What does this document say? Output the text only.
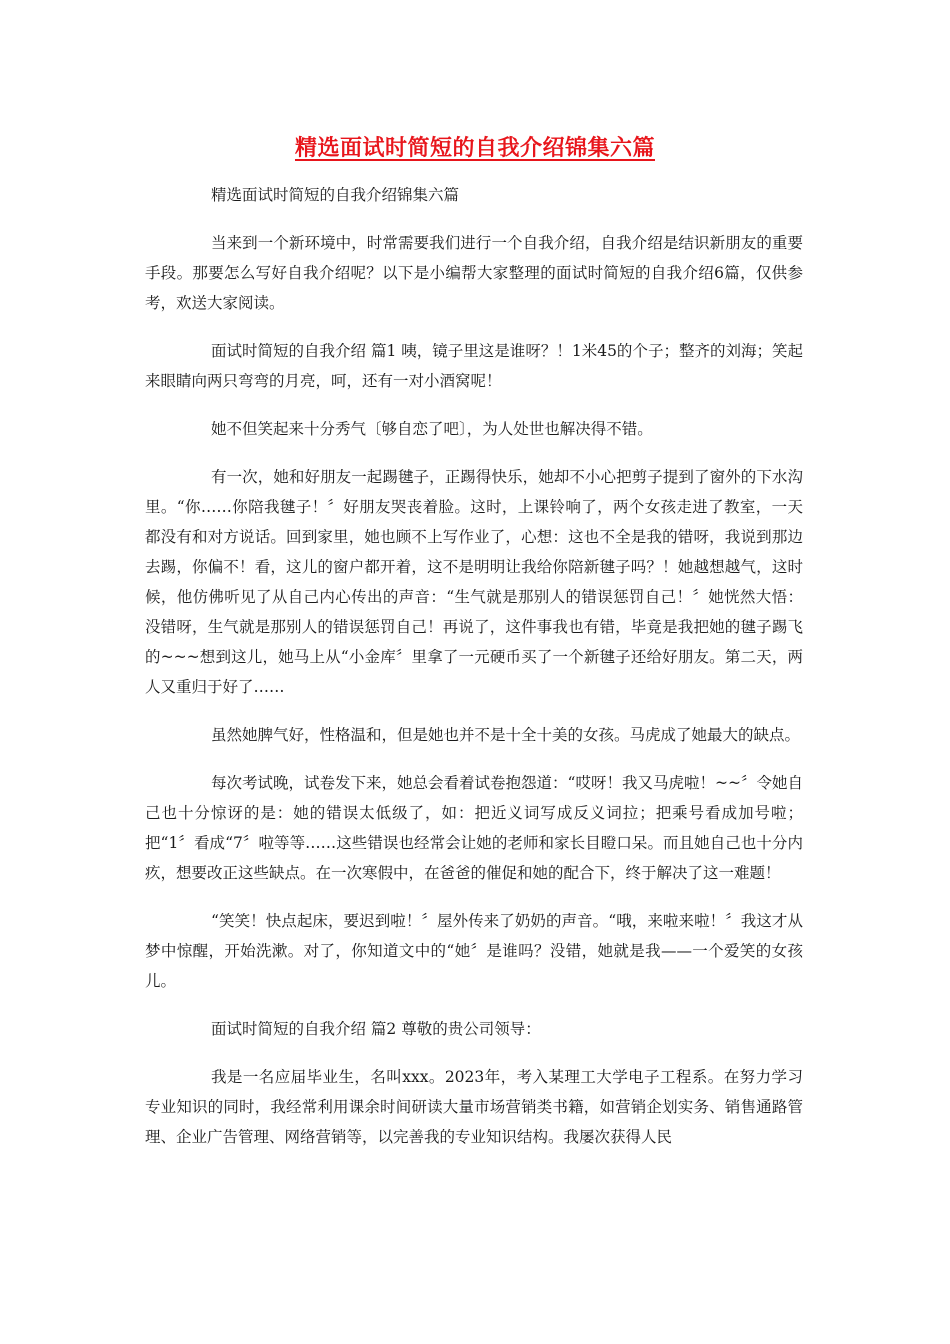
精选面试时简短的自我介绍锦集六篇

精选面试时简短的自我介绍锦集六篇

当来到一个新环境中，时常需要我们进行一个自我介绍，自我介绍是结识新朋友的重要手段。那要怎么写好自我介绍呢？以下是小编帮大家整理的面试时简短的自我介绍6篇，仅供参考，欢送大家阅读。

面试时简短的自我介绍 篇1 咦，镜子里这是谁呀？！1米45的个子；整齐的刘海；笑起来眼睛向两只弯弯的月亮，呵，还有一对小酒窝呢！

她不但笑起来十分秀气〔够自恋了吧〕，为人处世也解决得不错。

有一次，她和好朋友一起踢毽子，正踢得快乐，她却不小心把剪子提到了窗外的下水沟里。“你……你陪我毽子！〞好朋友哭丧着脸。这时，上课铃响了，两个女孩走进了教室，一天都没有和对方说话。回到家里，她也顾不上写作业了，心想：这也不全是我的错呀，我说到那边去踢，你偏不！看，这儿的窗户都开着，这不是明明让我给你陪新毽子吗？！她越想越气，这时候，他仿佛听见了从自己内心传出的声音：“生气就是那别人的错误惩罚自己！〞她恍然大悟：没错呀，生气就是那别人的错误惩罚自己！再说了，这件事我也有错，毕竟是我把她的毽子踢飞的~~~想到这儿，她马上从“小金库〞里拿了一元硬币买了一个新毽子还给好朋友。第二天，两人又重归于好了……

虽然她脾气好，性格温和，但是她也并不是十全十美的女孩。马虎成了她最大的缺点。

每次考试晚，试卷发下来，她总会看着试卷抱怨道：“哎呀！我又马虎啦！~~〞令她自己也十分惊讶的是：她的错误太低级了，如：把近义词写成反义词拉；把乘号看成加号啦；把“1〞看成“7〞啦等等……这些错误也经常会让她的老师和家长目瞪口呆。而且她自己也十分内疚，想要改正这些缺点。在一次寒假中，在爸爸的催促和她的配合下，终于解决了这一难题！

“笑笑！快点起床，要迟到啦！〞屋外传来了奶奶的声音。“哦，来啦来啦！〞我这才从梦中惊醒，开始洗漱。对了，你知道文中的“她〞是谁吗？没错，她就是我——一个爱笑的女孩儿。

面试时简短的自我介绍 篇2 尊敬的贵公司领导：

我是一名应届毕业生，名叫xxx。2023年，考入某理工大学电子工程系。在努力学习专业知识的同时，我经常利用课余时间研读大量市场营销类书籍，如营销企划实务、销售通路管理、企业广告管理、网络营销等，以完善我的专业知识结构。我屡次获得人民
